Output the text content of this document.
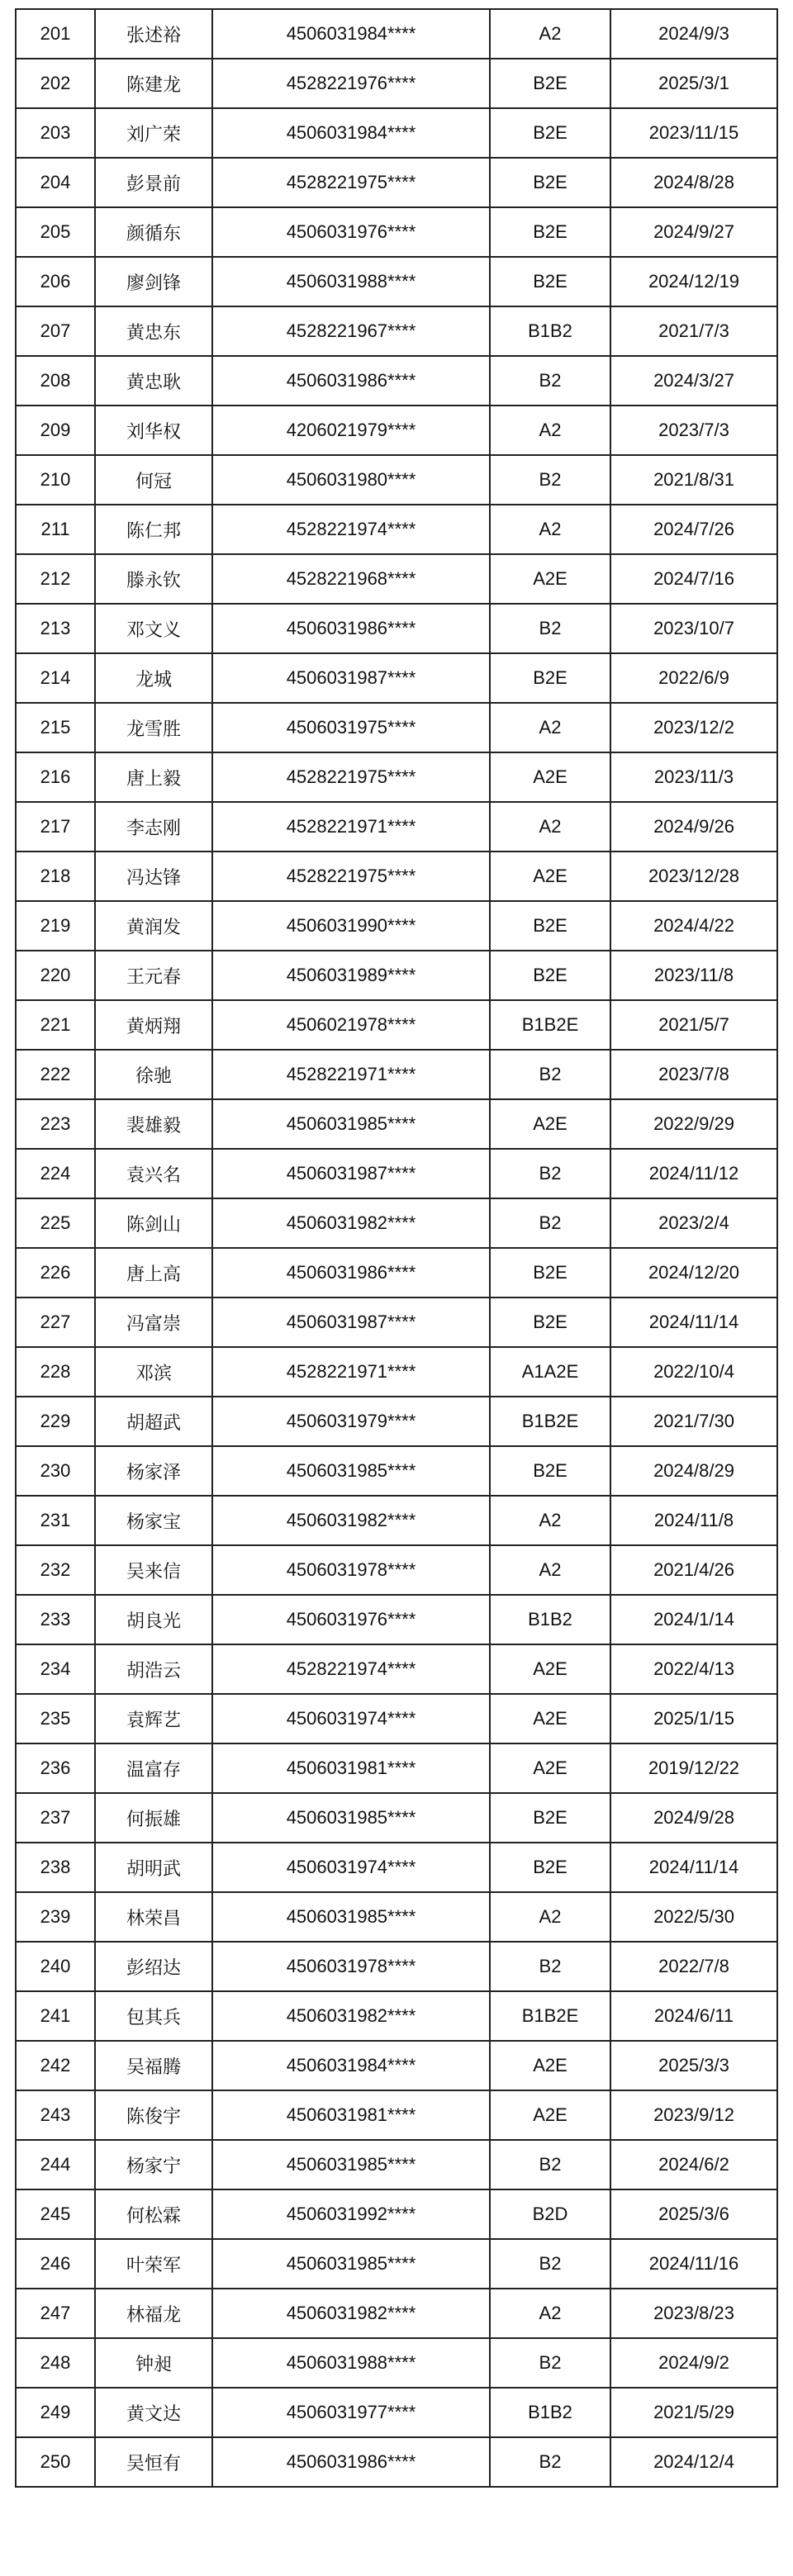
201	张述裕	4506031984****	A2	2024/9/3
202	陈建龙	4528221976****	B2E	2025/3/1
203	刘广荣	4506031984****	B2E	2023/11/15
204	彭景前	4528221975****	B2E	2024/8/28
205	颜循东	4506031976****	B2E	2024/9/27
206	廖剑锋	4506031988****	B2E	2024/12/19
207	黄忠东	4528221967****	B1B2	2021/7/3
208	黄忠耿	4506031986****	B2	2024/3/27
209	刘华权	4206021979****	A2	2023/7/3
210	何冠	4506031980****	B2	2021/8/31
211	陈仁邦	4528221974****	A2	2024/7/26
212	滕永钦	4528221968****	A2E	2024/7/16
213	邓文义	4506031986****	B2	2023/10/7
214	龙城	4506031987****	B2E	2022/6/9
215	龙雪胜	4506031975****	A2	2023/12/2
216	唐上毅	4528221975****	A2E	2023/11/3
217	李志刚	4528221971****	A2	2024/9/26
218	冯达锋	4528221975****	A2E	2023/12/28
219	黄润发	4506031990****	B2E	2024/4/22
220	王元春	4506031989****	B2E	2023/11/8
221	黄炳翔	4506021978****	B1B2E	2021/5/7
222	徐驰	4528221971****	B2	2023/7/8
223	裴雄毅	4506031985****	A2E	2022/9/29
224	袁兴名	4506031987****	B2	2024/11/12
225	陈剑山	4506031982****	B2	2023/2/4
226	唐上高	4506031986****	B2E	2024/12/20
227	冯富崇	4506031987****	B2E	2024/11/14
228	邓滨	4528221971****	A1A2E	2022/10/4
229	胡超武	4506031979****	B1B2E	2021/7/30
230	杨家泽	4506031985****	B2E	2024/8/29
231	杨家宝	4506031982****	A2	2024/11/8
232	吴来信	4506031978****	A2	2021/4/26
233	胡良光	4506031976****	B1B2	2024/1/14
234	胡浩云	4528221974****	A2E	2022/4/13
235	袁辉艺	4506031974****	A2E	2025/1/15
236	温富存	4506031981****	A2E	2019/12/22
237	何振雄	4506031985****	B2E	2024/9/28
238	胡明武	4506031974****	B2E	2024/11/14
239	林荣昌	4506031985****	A2	2022/5/30
240	彭绍达	4506031978****	B2	2022/7/8
241	包其兵	4506031982****	B1B2E	2024/6/11
242	吴福腾	4506031984****	A2E	2025/3/3
243	陈俊宇	4506031981****	A2E	2023/9/12
244	杨家宁	4506031985****	B2	2024/6/2
245	何松霖	4506031992****	B2D	2025/3/6
246	叶荣军	4506031985****	B2	2024/11/16
247	林福龙	4506031982****	A2	2023/8/23
248	钟昶	4506031988****	B2	2024/9/2
249	黄文达	4506031977****	B1B2	2021/5/29
250	吴恒有	4506031986****	B2	2024/12/4
